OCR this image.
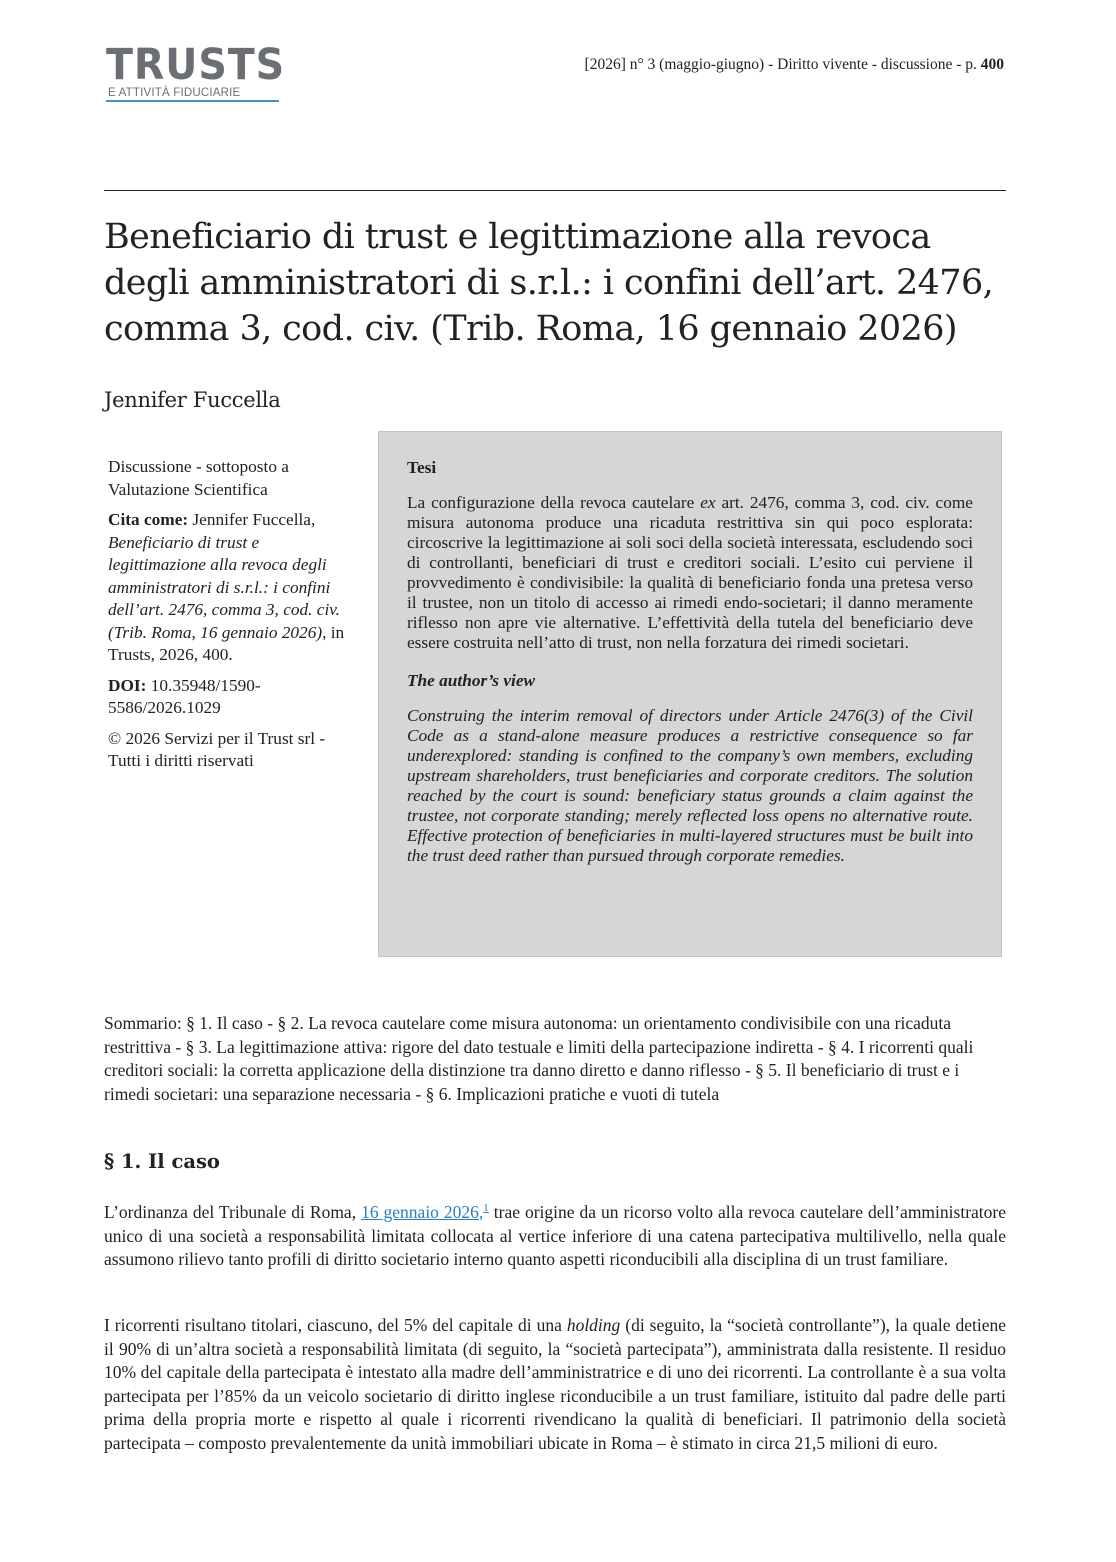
TRUSTS
E ATTIVITÀ FIDUCIARIE
[2026] n° 3 (maggio-giugno) - Diritto vivente - discussione - p. 400
Beneficiario di trust e legittimazione alla revoca degli amministratori di s.r.l.: i confini dell’art. 2476, comma 3, cod. civ. (Trib. Roma, 16 gennaio 2026)
Jennifer Fuccella

Discussione - sottoposto a Valutazione Scientifica

Cita come: Jennifer Fuccella, Beneficiario di trust e legittimazione alla revoca degli amministratori di s.r.l.: i confini dell’art. 2476, comma 3, cod. civ. (Trib. Roma, 16 gennaio 2026), in Trusts, 2026, 400.

DOI: 10.35948/1590-5586/2026.1029

© 2026 Servizi per il Trust srl - Tutti i diritti riservati

Tesi

La configurazione della revoca cautelare ex art. 2476, comma 3, cod. civ. come misura autonoma produce una ricaduta restrittiva sin qui poco esplorata: circoscrive la legittimazione ai soli soci della società interessata, escludendo soci di controllanti, beneficiari di trust e creditori sociali. L’esito cui perviene il provvedimento è condivisibile: la qualità di beneficiario fonda una pretesa verso il trustee, non un titolo di accesso ai rimedi endo-societari; il danno meramente riflesso non apre vie alternative. L’effettività della tutela del beneficiario deve essere costruita nell’atto di trust, non nella forzatura dei rimedi societari.

The author’s view

Construing the interim removal of directors under Article 2476(3) of the Civil Code as a stand-alone measure produces a restrictive consequence so far underexplored: standing is confined to the company’s own members, excluding upstream shareholders, trust beneficiaries and corporate creditors. The solution reached by the court is sound: beneficiary status grounds a claim against the trustee, not corporate standing; merely reflected loss opens no alternative route. Effective protection of beneficiaries in multi-layered structures must be built into the trust deed rather than pursued through corporate remedies.

Sommario: § 1. Il caso - § 2. La revoca cautelare come misura autonoma: un orientamento condivisibile con una ricaduta restrittiva - § 3. La legittimazione attiva: rigore del dato testuale e limiti della partecipazione indiretta - § 4. I ricorrenti quali creditori sociali: la corretta applicazione della distinzione tra danno diretto e danno riflesso - § 5. Il beneficiario di trust e i rimedi societari: una separazione necessaria - § 6. Implicazioni pratiche e vuoti di tutela

§ 1. Il caso

L’ordinanza del Tribunale di Roma, 16 gennaio 2026,$^1$ trae origine da un ricorso volto alla revoca cautelare dell’amministratore unico di una società a responsabilità limitata collocata al vertice inferiore di una catena partecipativa multilivello, nella quale assumono rilievo tanto profili di diritto societario interno quanto aspetti riconducibili alla disciplina di un trust familiare.

I ricorrenti risultano titolari, ciascuno, del 5% del capitale di una holding (di seguito, la “società controllante”), la quale detiene il 90% di un’altra società a responsabilità limitata (di seguito, la “società partecipata”), amministrata dalla resistente. Il residuo 10% del capitale della partecipata è intestato alla madre dell’amministratrice e di uno dei ricorrenti. La controllante è a sua volta partecipata per l’85% da un veicolo societario di diritto inglese riconducibile a un trust familiare, istituito dal padre delle parti prima della propria morte e rispetto al quale i ricorrenti rivendicano la qualità di beneficiari. Il patrimonio della società partecipata – composto prevalentemente da unità immobiliari ubicate in Roma – è stimato in circa 21,5 milioni di euro.
